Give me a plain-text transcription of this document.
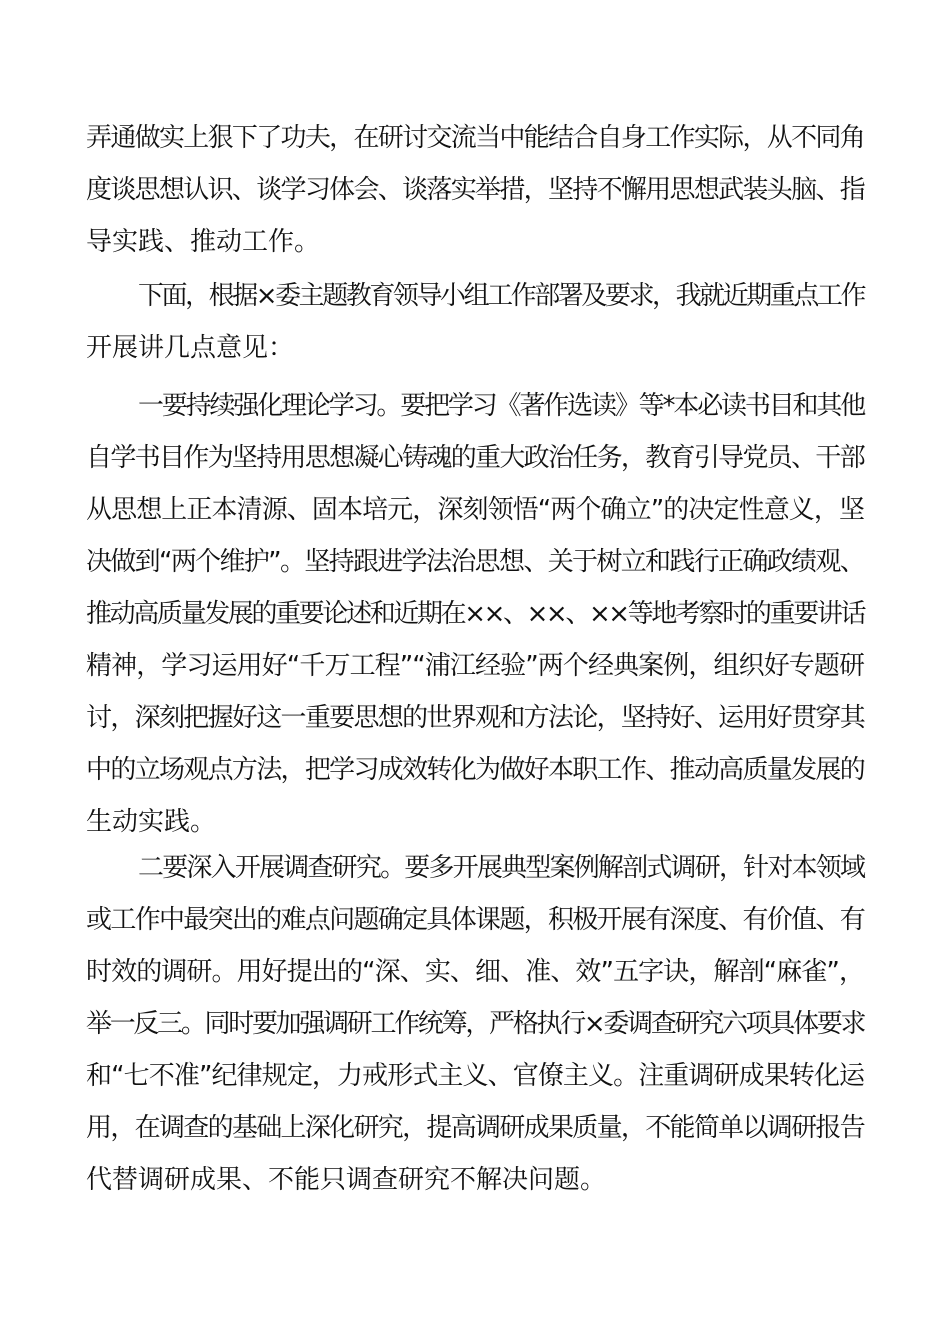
弄通做实上狠下了功夫，在研讨交流当中能结合自身工作实际，从不同角
度谈思想认识、谈学习体会、谈落实举措，坚持不懈用思想武装头脑、指
导实践、推动工作。
下面，根据×委主题教育领导小组工作部署及要求，我就近期重点工作
开展讲几点意见：
一要持续强化理论学习。要把学习《著作选读》等*本必读书目和其他
自学书目作为坚持用思想凝心铸魂的重大政治任务，教育引导党员、干部
从思想上正本清源、固本培元，深刻领悟“两个确立”的决定性意义，坚
决做到“两个维护”。坚持跟进学法治思想、关于树立和践行正确政绩观、
推动高质量发展的重要论述和近期在××、××、××等地考察时的重要讲话
精神，学习运用好“千万工程”“浦江经验”两个经典案例，组织好专题研
讨，深刻把握好这一重要思想的世界观和方法论，坚持好、运用好贯穿其
中的立场观点方法，把学习成效转化为做好本职工作、推动高质量发展的
生动实践。
二要深入开展调查研究。要多开展典型案例解剖式调研，针对本领域
或工作中最突出的难点问题确定具体课题，积极开展有深度、有价值、有
时效的调研。用好提出的“深、实、细、准、效”五字诀，解剖“麻雀”，
举一反三。同时要加强调研工作统筹，严格执行×委调查研究六项具体要求
和“七不准”纪律规定，力戒形式主义、官僚主义。注重调研成果转化运
用，在调查的基础上深化研究，提高调研成果质量，不能简单以调研报告
代替调研成果、不能只调查研究不解决问题。
